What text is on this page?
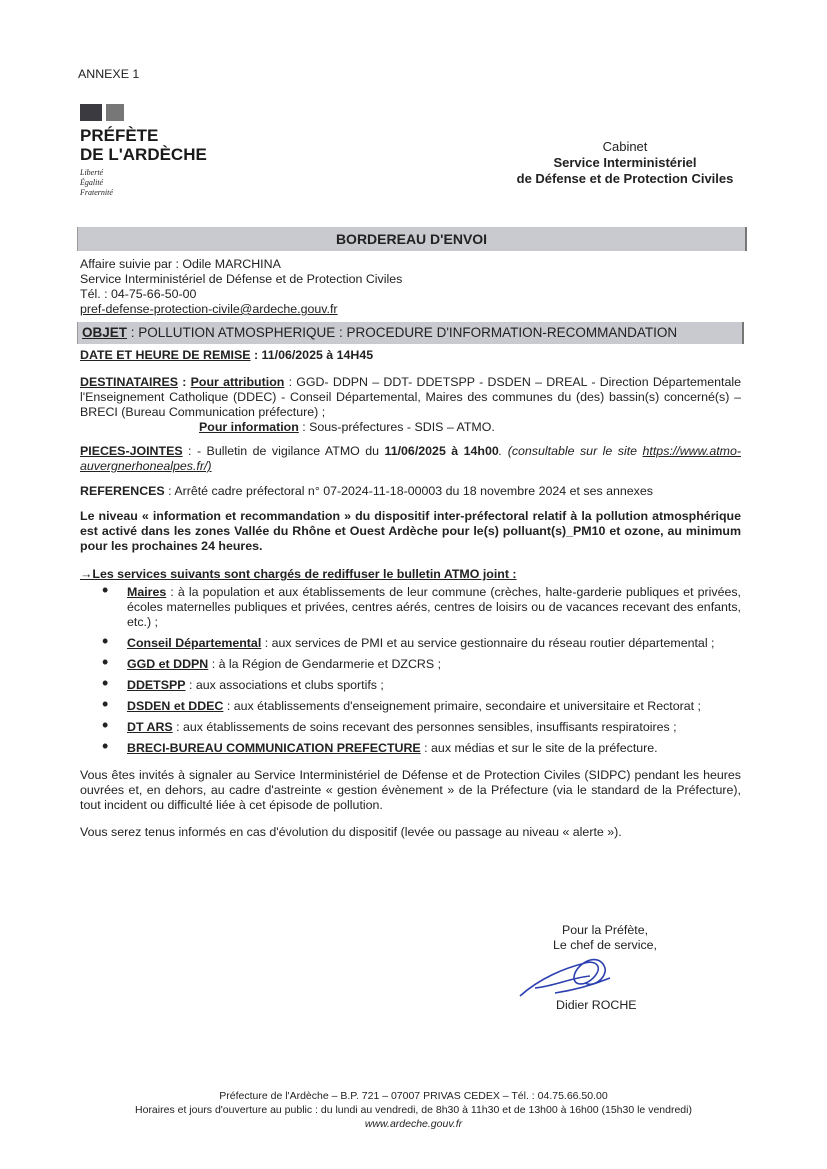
ANNEXE 1
PRÉFÈTE
DE L'ARDÈCHE
Liberté
Égalité
Fraternité
Cabinet
Service Interministériel
de Défense et de Protection Civiles
BORDEREAU D'ENVOI
Affaire suivie par : Odile MARCHINA
Service Interministériel de Défense et de Protection Civiles
Tél. : 04-75-66-50-00
pref-defense-protection-civile@ardeche.gouv.fr
OBJET : POLLUTION ATMOSPHERIQUE : PROCEDURE D'INFORMATION-RECOMMANDATION
DATE ET HEURE DE REMISE : 11/06/2025 à 14H45
DESTINATAIRES : Pour attribution : GGD- DDPN – DDT- DDETSPP - DSDEN – DREAL - Direction Départementale l'Enseignement Catholique (DDEC) - Conseil Départemental, Maires des communes du (des) bassin(s) concerné(s) – BRECI (Bureau Communication préfecture) ;
Pour information : Sous-préfectures - SDIS – ATMO.
PIECES-JOINTES : - Bulletin de vigilance ATMO du 11/06/2025 à 14h00. (consultable sur le site https://www.atmo-auvergnerhonealpes.fr/)
REFERENCES : Arrêté cadre préfectoral n° 07-2024-11-18-00003 du 18 novembre 2024 et ses annexes
Le niveau « information et recommandation » du dispositif inter-préfectoral relatif à la pollution atmosphérique est activé dans les zones Vallée du Rhône et Ouest Ardèche pour le(s) polluant(s)_PM10 et ozone, au minimum pour les prochaines 24 heures.
→Les services suivants sont chargés de rediffuser le bulletin ATMO joint :
• Maires : à la population et aux établissements de leur commune (crèches, halte-garderie publiques et privées, écoles maternelles publiques et privées, centres aérés, centres de loisirs ou de vacances recevant des enfants, etc.) ;
• Conseil Départemental : aux services de PMI et au service gestionnaire du réseau routier départemental ;
• GGD et DDPN : à la Région de Gendarmerie et DZCRS ;
• DDETSPP : aux associations et clubs sportifs ;
• DSDEN et DDEC : aux établissements d'enseignement primaire, secondaire et universitaire et Rectorat ;
• DT ARS : aux établissements de soins recevant des personnes sensibles, insuffisants respiratoires ;
• BRECI-BUREAU COMMUNICATION PREFECTURE : aux médias et sur le site de la préfecture.
Vous êtes invités à signaler au Service Interministériel de Défense et de Protection Civiles (SIDPC) pendant les heures ouvrées et, en dehors, au cadre d'astreinte « gestion évènement » de la Préfecture (via le standard de la Préfecture), tout incident ou difficulté liée à cet épisode de pollution.
Vous serez tenus informés en cas d'évolution du dispositif (levée ou passage au niveau « alerte »).
Pour la Préfète,
Le chef de service,
Didier ROCHE
Préfecture de l'Ardèche – B.P. 721 – 07007 PRIVAS CEDEX – Tél. : 04.75.66.50.00
Horaires et jours d'ouverture au public : du lundi au vendredi, de 8h30 à 11h30 et de 13h00 à 16h00 (15h30 le vendredi)
www.ardeche.gouv.fr
